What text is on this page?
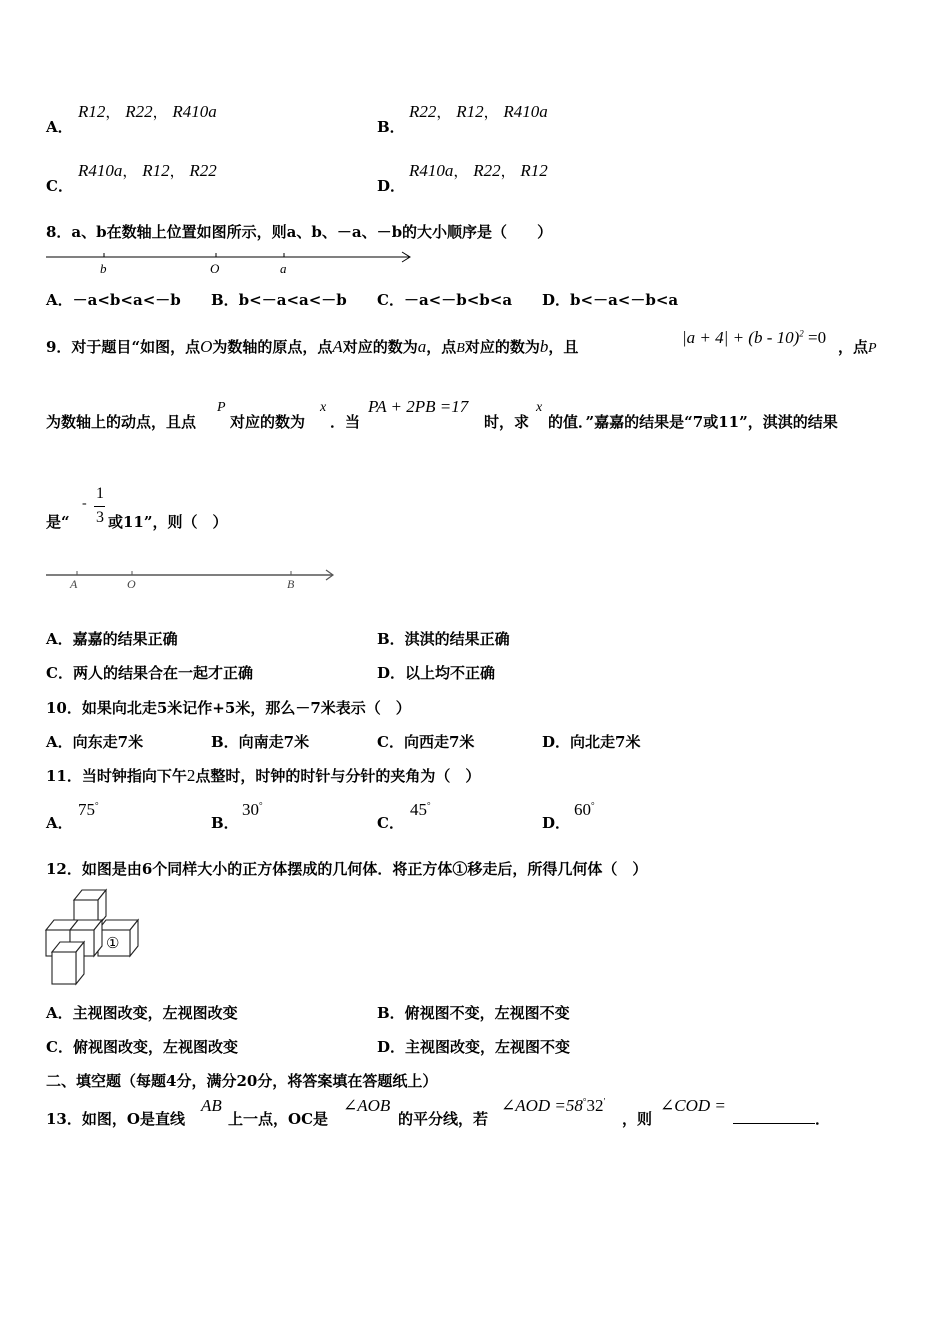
A．
R12， R22， R410a
B．
R22， R12， R410a
C．
R410a， R12， R22
D．
R410a， R22， R12
8．a、b在数轴上位置如图所示，则a、b、－a、－b的大小顺序是（　　）
b	O	a
A．－a<b<a<－b B．b<－a<a<－b C．－a<－b<b<a D．b<－a<－b<a
9．对于题目“如图，点O为数轴的原点，点A对应的数为a，点B对应的数为b，且	|a + 4| + (b - 10)$^2$ =0 ，点P
为数轴上的动点，且点
P
对应的数为
x
．当
PA + 2PB =17
时，求
x
的值．”嘉嘉的结果是“7或11”，淇淇的结果
是“
-
1
3 或11”，则（　）
A	O	B
A．嘉嘉的结果正确	B．淇淇的结果正确
C．两人的结果合在一起才正确	D．以上均不正确
10．如果向北走5米记作+5米，那么－7米表示（　）
A．向东走7米	B．向南走7米	C．向西走7米	D．向北走7米
11．当时钟指向下午2点整时，时钟的时针与分针的夹角为（　）
A．
75°
B．
30°
C．
45°
D．
60°
12．如图是由6个同样大小的正方体摆成的几何体．将正方体①移走后，所得几何体（　）
①
A．主视图改变，左视图改变	B．俯视图不变，左视图不变
C．俯视图改变，左视图改变	D．主视图改变，左视图不变
二、填空题（每题4分，满分20分，将答案填在答题纸上）
13．如图，O是直线
AB
上一点，OC是
∠AOB
的平分线，若
∠AOD =58°32′
，则
∠COD =
．
